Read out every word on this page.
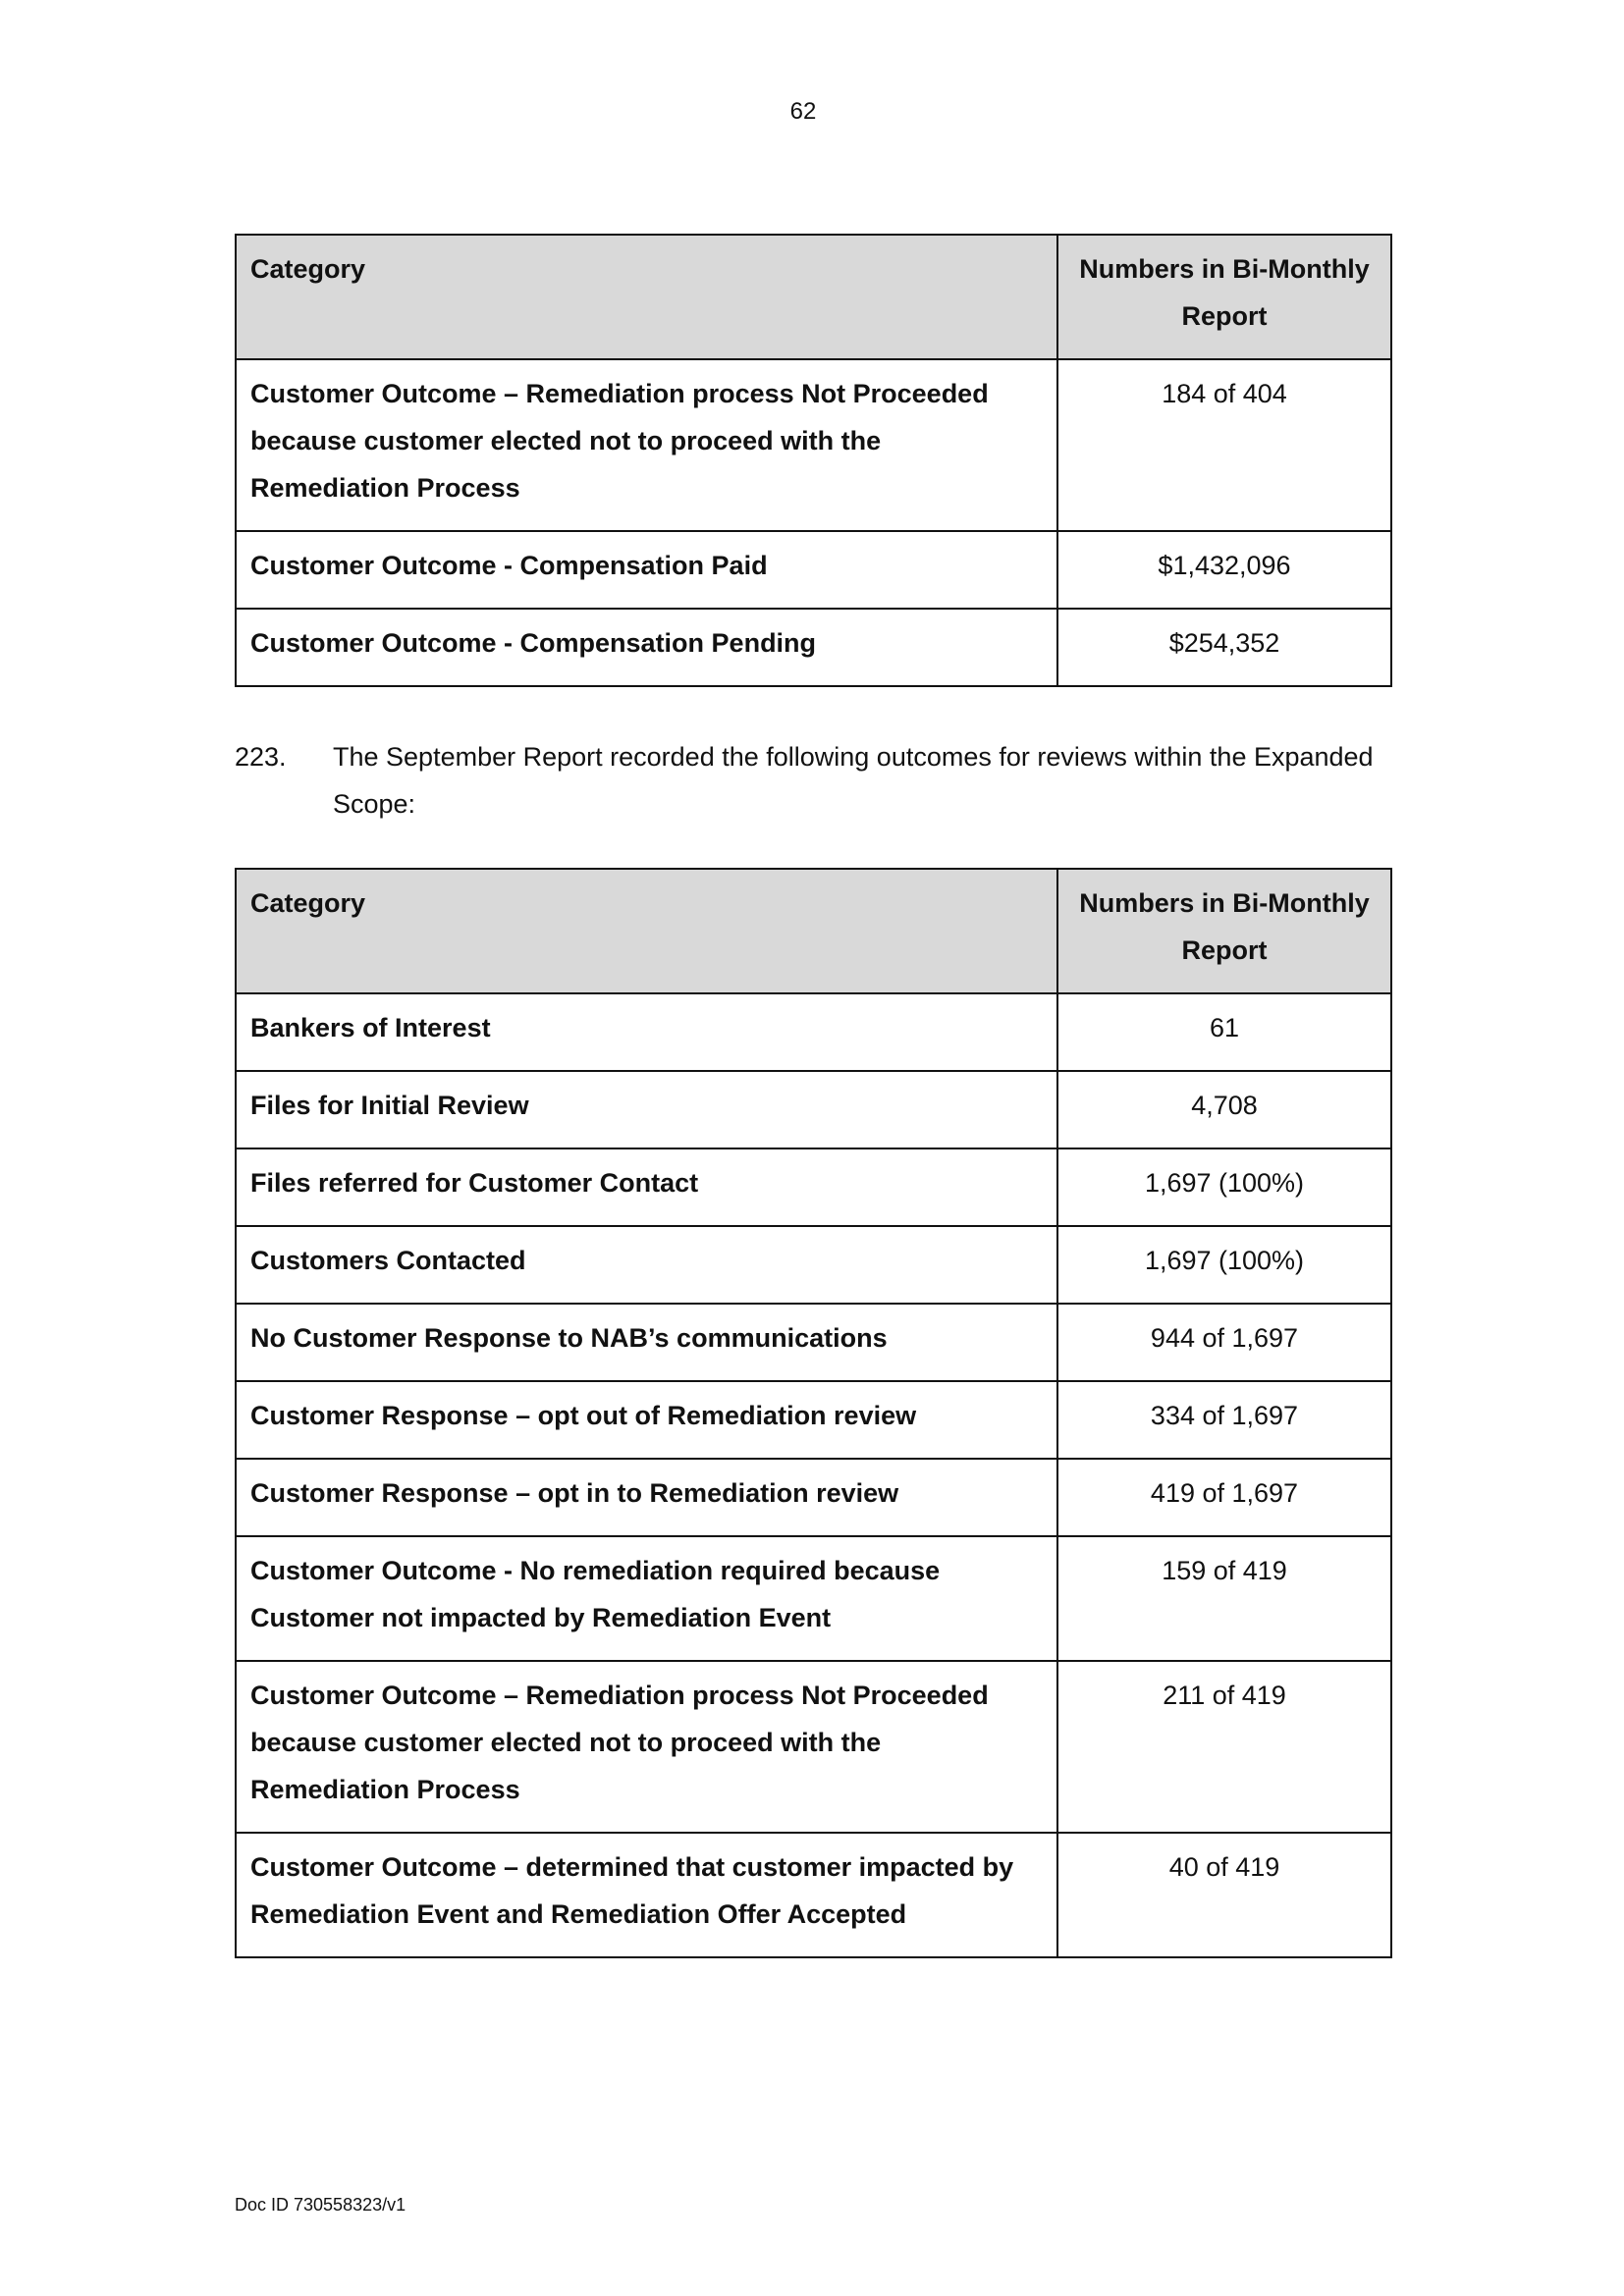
62
Category	Numbers in Bi-Monthly Report
Customer Outcome – Remediation process Not Proceeded because customer elected not to proceed with the Remediation Process	184 of 404
Customer Outcome - Compensation Paid	$1,432,096
Customer Outcome - Compensation Pending	$254,352
223. The September Report recorded the following outcomes for reviews within the Expanded Scope:
Category	Numbers in Bi-Monthly Report
Bankers of Interest	61
Files for Initial Review	4,708
Files referred for Customer Contact	1,697 (100%)
Customers Contacted	1,697 (100%)
No Customer Response to NAB’s communications	944 of 1,697
Customer Response – opt out of Remediation review	334 of 1,697
Customer Response – opt in to Remediation review	419 of 1,697
Customer Outcome - No remediation required because Customer not impacted by Remediation Event	159 of 419
Customer Outcome – Remediation process Not Proceeded because customer elected not to proceed with the Remediation Process	211 of 419
Customer Outcome – determined that customer impacted by Remediation Event and Remediation Offer Accepted	40 of 419
Doc ID 730558323/v1
